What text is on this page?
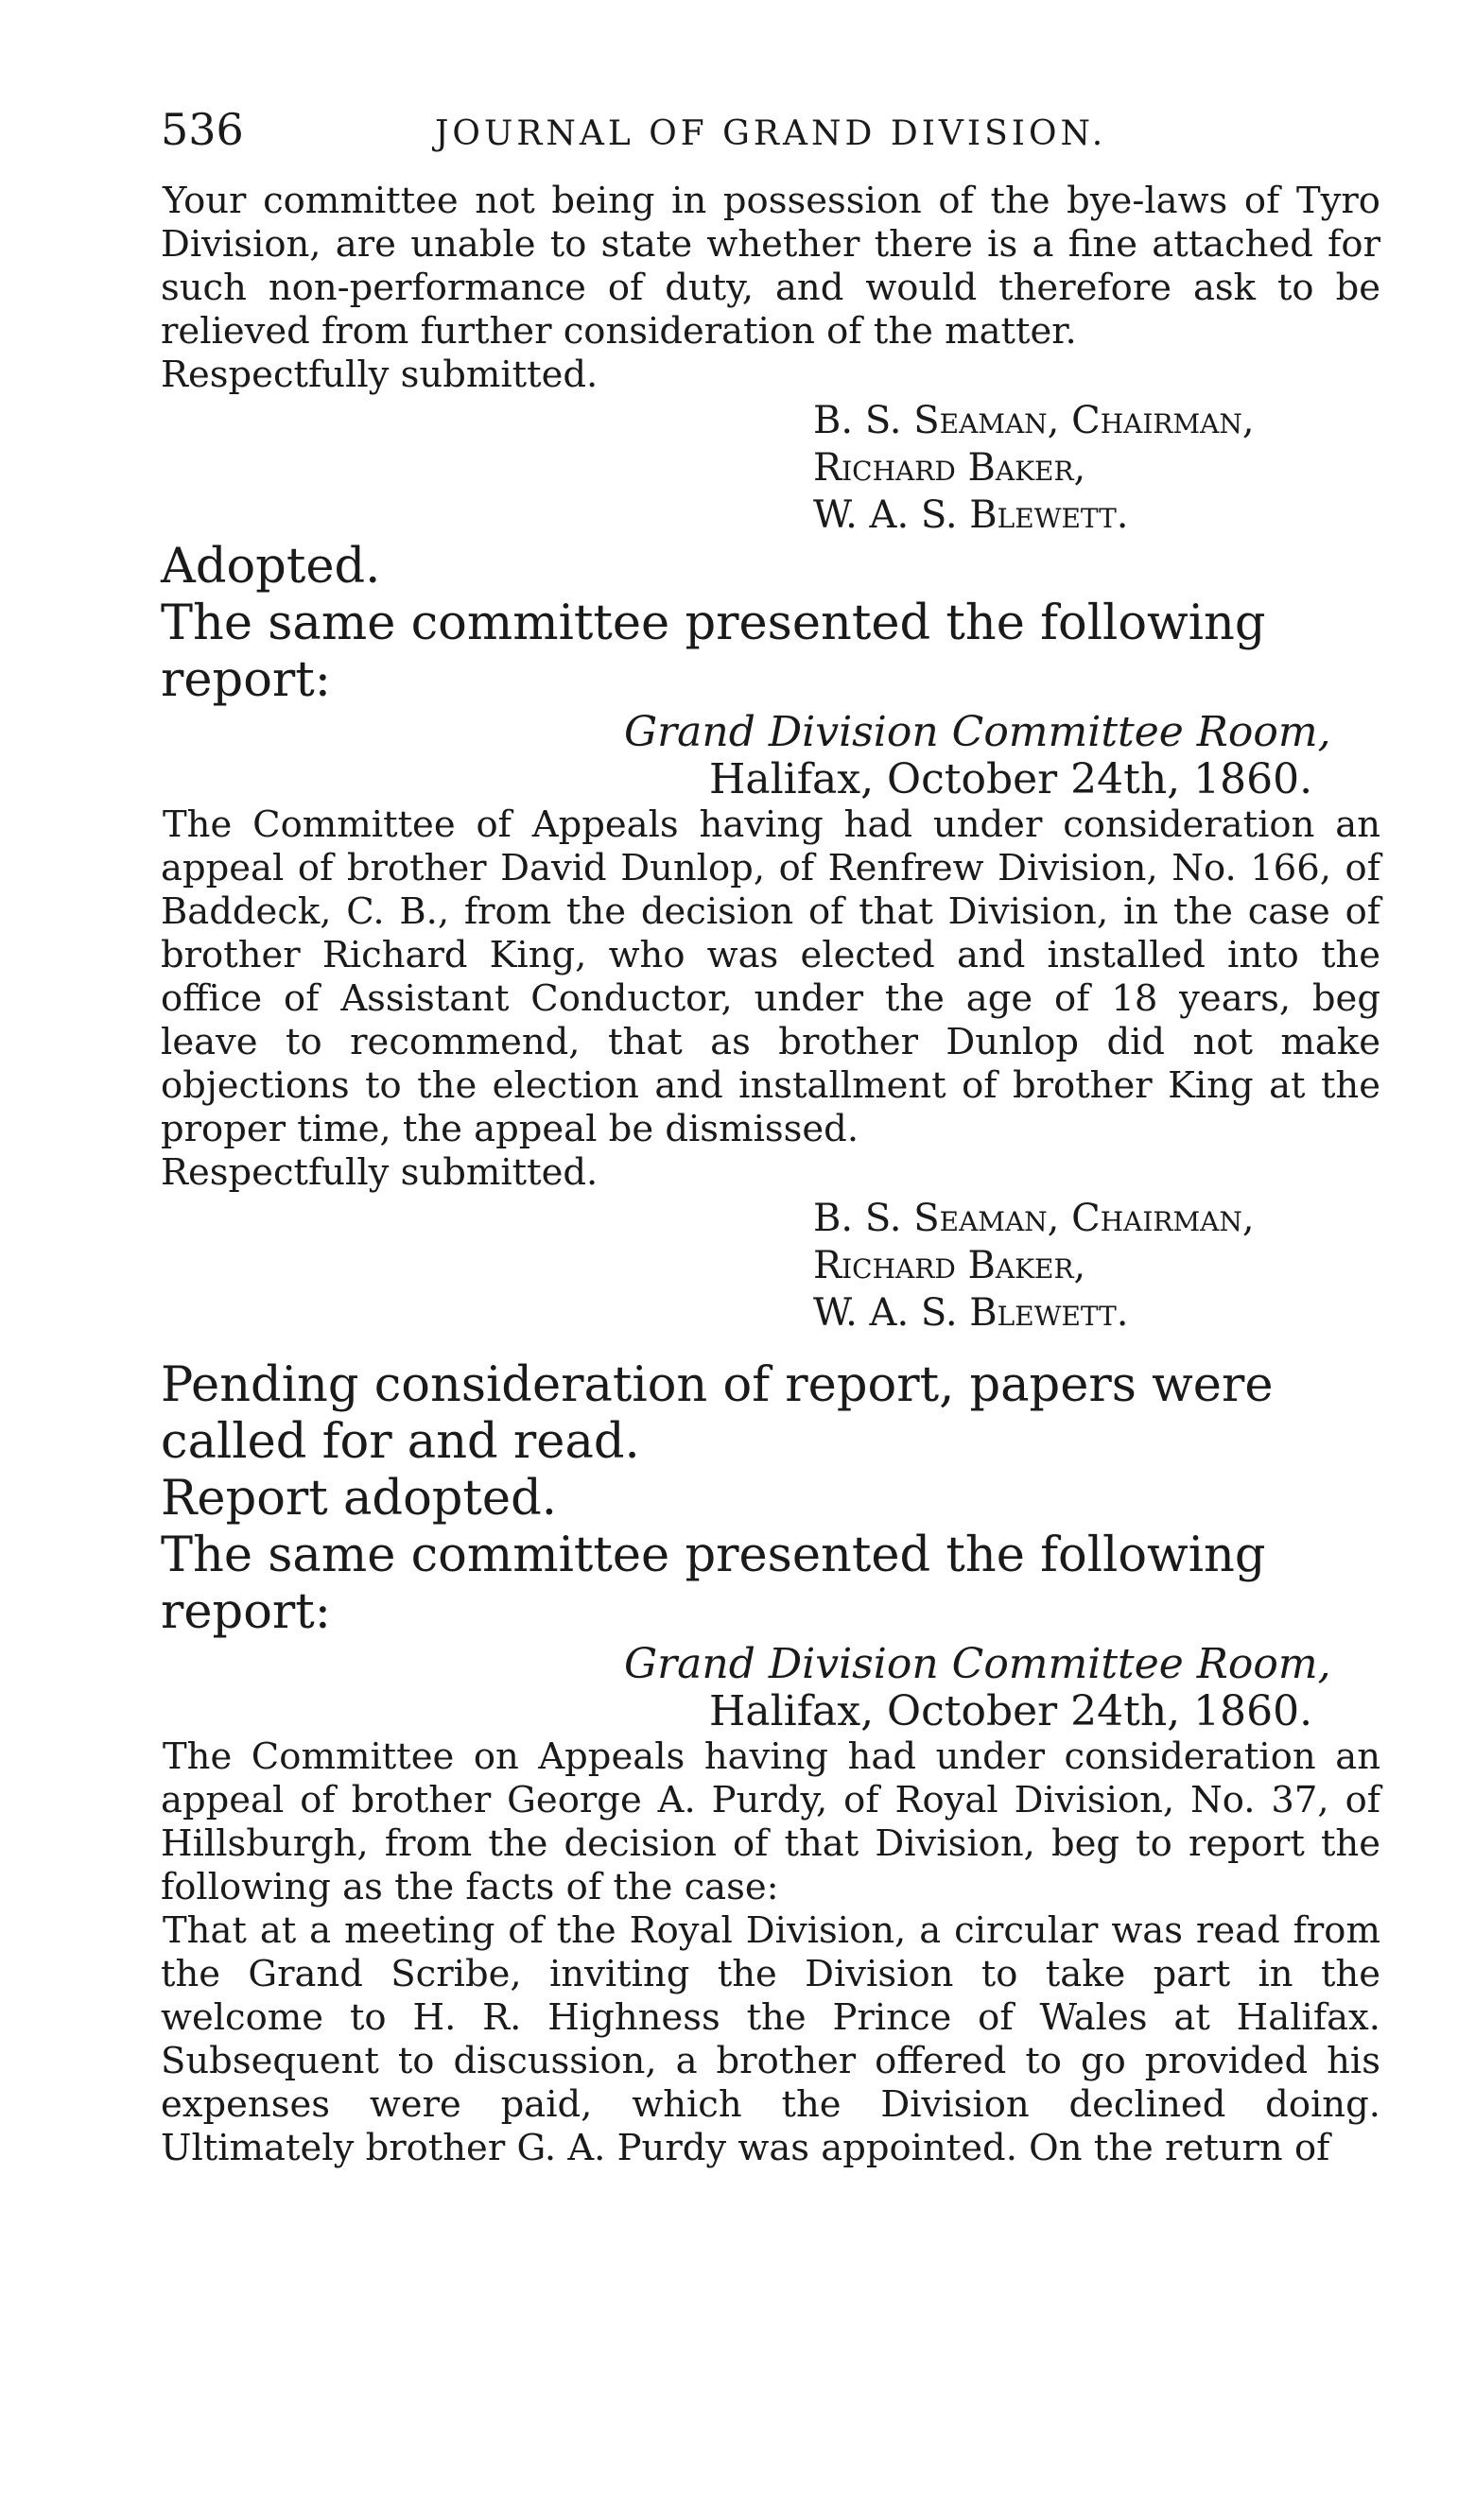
536	JOURNAL OF GRAND DIVISION.

Your committee not being in possession of the bye-laws of Tyro Division, are unable to state whether there is a fine attached for such non-performance of duty, and would therefore ask to be relieved from further consideration of the matter.

Respectfully submitted.

B. S. Seaman, Chairman,
Richard Baker,
W. A. S. Blewett.

Adopted.

The same committee presented the following report:

Grand Division Committee Room,
Halifax, October 24th, 1860.

The Committee of Appeals having had under consideration an appeal of brother David Dunlop, of Renfrew Division, No. 166, of Baddeck, C. B., from the decision of that Division, in the case of brother Richard King, who was elected and installed into the office of Assistant Conductor, under the age of 18 years, beg leave to recommend, that as brother Dunlop did not make objections to the election and installment of brother King at the proper time, the appeal be dismissed.

Respectfully submitted.

B. S. Seaman, Chairman,
Richard Baker,
W. A. S. Blewett.

Pending consideration of report, papers were called for and read.

Report adopted.

The same committee presented the following report:

Grand Division Committee Room,
Halifax, October 24th, 1860.

The Committee on Appeals having had under consideration an appeal of brother George A. Purdy, of Royal Division, No. 37, of Hillsburgh, from the decision of that Division, beg to report the following as the facts of the case:

That at a meeting of the Royal Division, a circular was read from the Grand Scribe, inviting the Division to take part in the welcome to H. R. Highness the Prince of Wales at Halifax. Subsequent to discussion, a brother offered to go provided his expenses were paid, which the Division declined doing. Ultimately brother G. A. Purdy was appointed. On the return of
